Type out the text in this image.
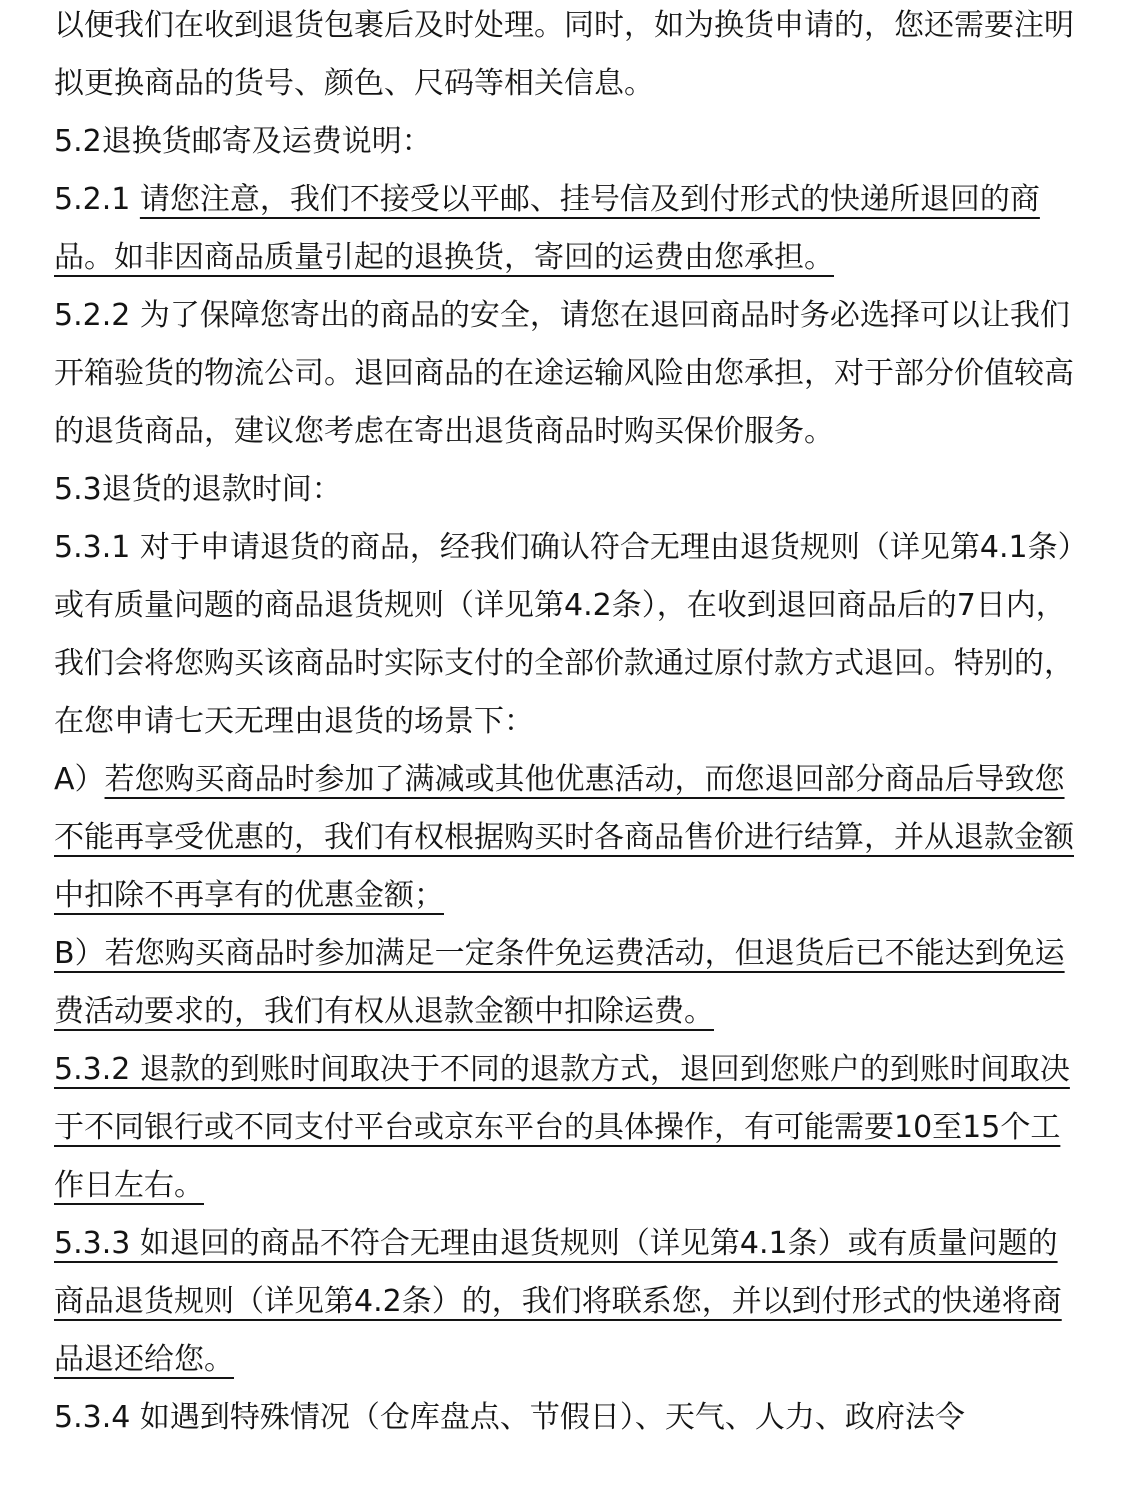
以便我们在收到退货包裹后及时处理。同时，如为换货申请的，您还需要注明拟更换商品的货号、颜色、尺码等相关信息。

5.2退换货邮寄及运费说明：

5.2.1 请您注意，我们不接受以平邮、挂号信及到付形式的快递所退回的商品。如非因商品质量引起的退换货，寄回的运费由您承担。

5.2.2 为了保障您寄出的商品的安全，请您在退回商品时务必选择可以让我们开箱验货的物流公司。退回商品的在途运输风险由您承担，对于部分价值较高的退货商品，建议您考虑在寄出退货商品时购买保价服务。

5.3退货的退款时间：

5.3.1 对于申请退货的商品，经我们确认符合无理由退货规则（详见第4.1条）或有质量问题的商品退货规则（详见第4.2条），在收到退回商品后的7日内，我们会将您购买该商品时实际支付的全部价款通过原付款方式退回。特别的，在您申请七天无理由退货的场景下：

A）若您购买商品时参加了满减或其他优惠活动，而您退回部分商品后导致您不能再享受优惠的，我们有权根据购买时各商品售价进行结算，并从退款金额中扣除不再享有的优惠金额；

B）若您购买商品时参加满足一定条件免运费活动，但退货后已不能达到免运费活动要求的，我们有权从退款金额中扣除运费。

5.3.2 退款的到账时间取决于不同的退款方式，退回到您账户的到账时间取决于不同银行或不同支付平台或京东平台的具体操作，有可能需要10至15个工作日左右。

5.3.3 如退回的商品不符合无理由退货规则（详见第4.1条）或有质量问题的商品退货规则（详见第4.2条）的，我们将联系您，并以到付形式的快递将商品退还给您。

5.3.4 如遇到特殊情况（仓库盘点、节假日）、天气、人力、政府法令
